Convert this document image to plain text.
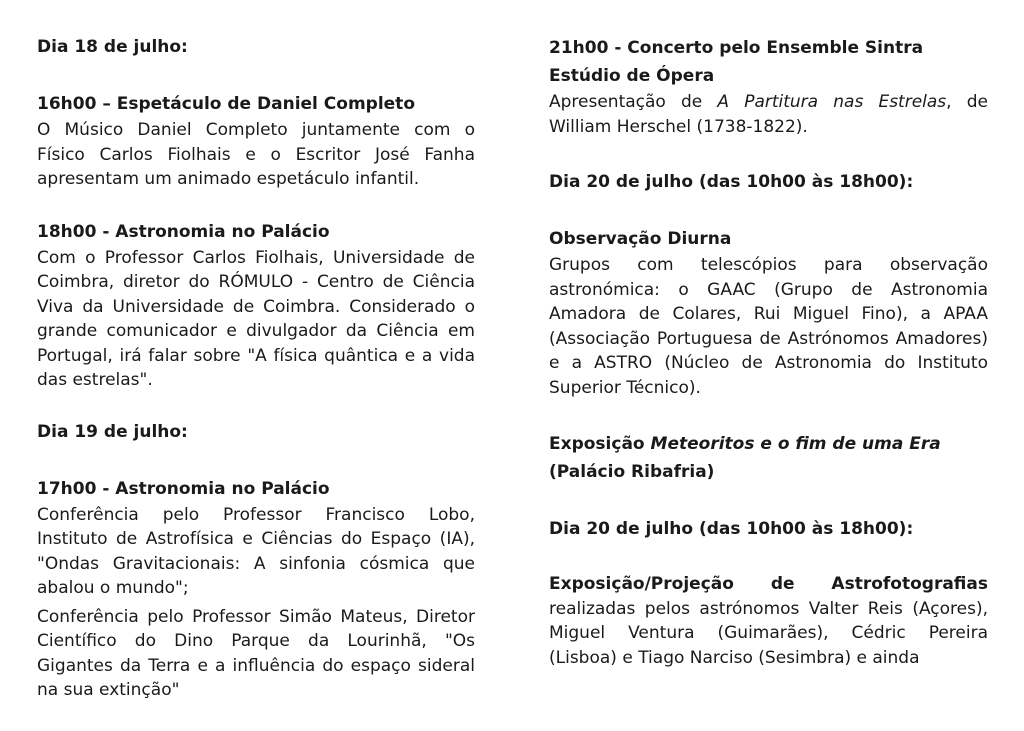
Dia 18 de julho:

16h00 – Espetáculo de Daniel Completo

O Músico Daniel Completo juntamente com o Físico Carlos Fiolhais e o Escritor José Fanha apresentam um animado espetáculo infantil.

18h00 - Astronomia no Palácio

Com o Professor Carlos Fiolhais, Universidade de Coimbra, diretor do RÓMULO - Centro de Ciência Viva da Universidade de Coimbra. Considerado o grande comunicador e divulgador da Ciência em Portugal, irá falar sobre "A física quântica e a vida das estrelas".

Dia 19 de julho:

17h00 - Astronomia no Palácio

Conferência pelo Professor Francisco Lobo, Instituto de Astrofísica e Ciências do Espaço (IA), "Ondas Gravitacionais: A sinfonia cósmica que abalou o mundo";

Conferência pelo Professor Simão Mateus, Diretor Científico do Dino Parque da Lourinhã, "Os Gigantes da Terra e a influência do espaço sideral na sua extinção"

21h00 - Concerto pelo Ensemble Sintra

Estúdio de Ópera

Apresentação de A Partitura nas Estrelas, de William Herschel (1738-1822).

Dia 20 de julho (das 10h00 às 18h00):

Observação Diurna

Grupos com telescópios para observação astronómica: o GAAC (Grupo de Astronomia Amadora de Colares, Rui Miguel Fino), a APAA (Associação Portuguesa de Astrónomos Amadores) e a ASTRO (Núcleo de Astronomia do Instituto Superior Técnico).

Exposição Meteoritos e o fim de uma Era

(Palácio Ribafria)

Dia 20 de julho (das 10h00 às 18h00):

Exposição/Projeção de Astrofotografias realizadas pelos astrónomos Valter Reis (Açores), Miguel Ventura (Guimarães), Cédric Pereira (Lisboa) e Tiago Narciso (Sesimbra) e ainda
